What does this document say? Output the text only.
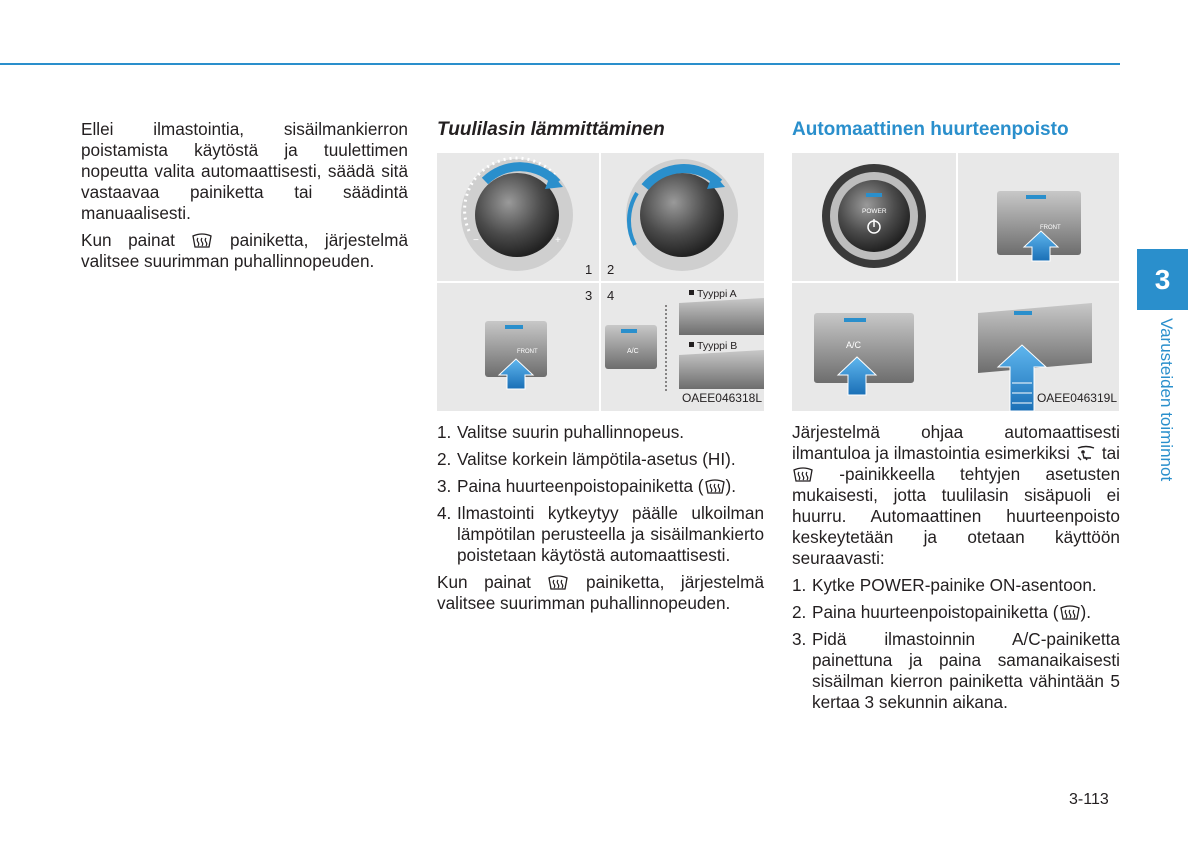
Ellei ilmastointia, sisäilmankierron poistamista käytöstä ja tuulettimen nopeutta valita automaattisesti, säädä sitä vastaavaa painiketta tai säädintä manuaalisesti.

Kun painat	painiketta, järjestelmä valitsee suurimman puhallinnopeuden.

Tuulilasin lämmittäminen
−	+
1 2
3 4
FRONT	A/C
Tyyppi A
Tyyppi B
OAEE046318L
1. Valitse suurin puhallinnopeus.
2. Valitse korkein lämpötila-asetus (HI).
3. Paina huurteenpoistopainiketta ( ).
4. Ilmastointi kytkeytyy päälle ulkoilman lämpötilan perusteella ja sisäilmankierto poistetaan käytöstä automaattisesti.

Kun painat	painiketta, järjestelmä valitsee suurimman puhallinnopeuden.

Automaattinen huurteenpoisto
POWER
FRONT
A/C
OAEE046319L

Järjestelmä ohjaa automaattisesti ilmantuloa ja ilmastointia esimerkiksi tai  -painikkeella tehtyjen asetusten mukaisesti, jotta tuulilasin sisäpuoli ei huurru. Automaattinen huurteenpoisto keskeytetään ja otetaan käyttöön seuraavasti:

1. Kytke POWER-painike ON-asentoon.
2. Paina huurteenpoistopainiketta ( ).
3. Pidä ilmastoinnin A/C-painiketta painettuna ja paina samanaikaisesti sisäilman kierron painiketta vähintään 5 kertaa 3 sekunnin aikana.
3
Varusteiden toiminnot
3-113
